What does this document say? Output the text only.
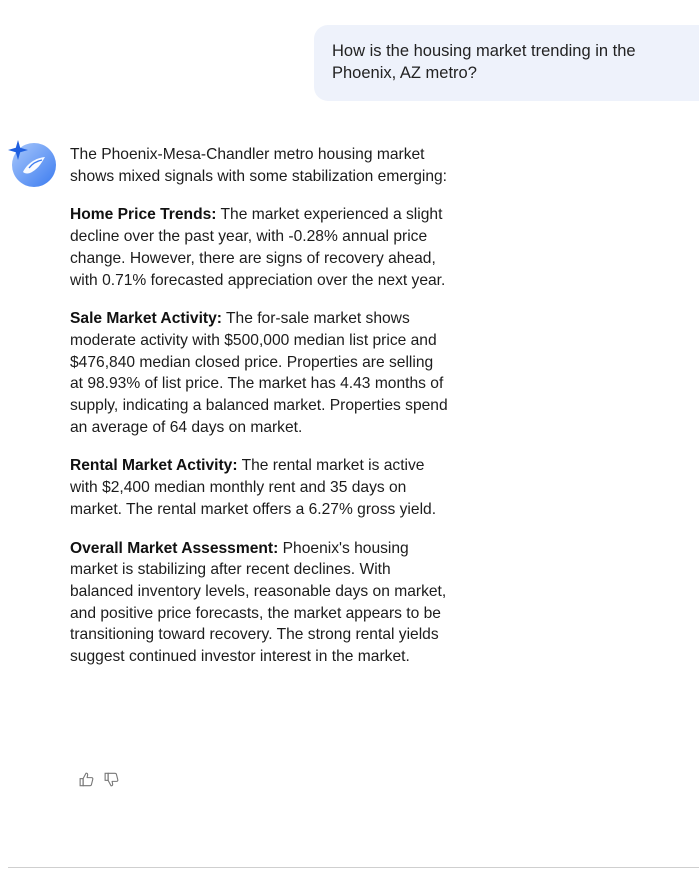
How is the housing market trending in the Phoenix, AZ metro?

The Phoenix-Mesa-Chandler metro housing market shows mixed signals with some stabilization emerging:

Home Price Trends: The market experienced a slight decline over the past year, with -0.28% annual price change. However, there are signs of recovery ahead, with 0.71% forecasted appreciation over the next year.

Sale Market Activity: The for-sale market shows moderate activity with $500,000 median list price and $476,840 median closed price. Properties are selling at 98.93% of list price. The market has 4.43 months of supply, indicating a balanced market. Properties spend an average of 64 days on market.

Rental Market Activity: The rental market is active with $2,400 median monthly rent and 35 days on market. The rental market offers a 6.27% gross yield.

Overall Market Assessment: Phoenix's housing market is stabilizing after recent declines. With balanced inventory levels, reasonable days on market, and positive price forecasts, the market appears to be transitioning toward recovery. The strong rental yields suggest continued investor interest in the market.
